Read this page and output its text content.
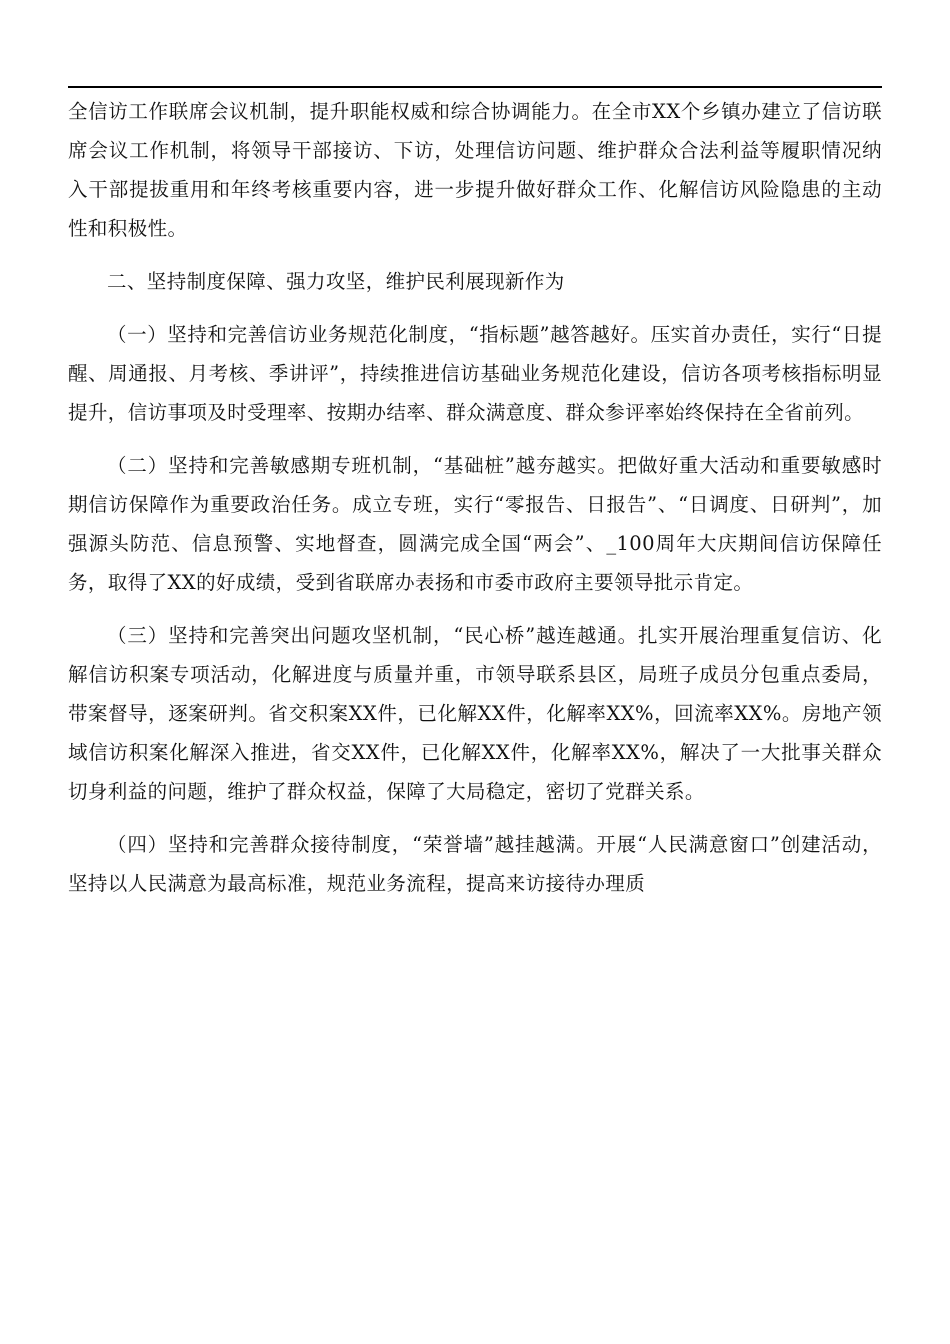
全信访工作联席会议机制，提升职能权威和综合协调能力。在全市XX个乡镇办建立了信访联席会议工作机制，将领导干部接访、下访，处理信访问题、维护群众合法利益等履职情况纳入干部提拔重用和年终考核重要内容，进一步提升做好群众工作、化解信访风险隐患的主动性和积极性。

二、坚持制度保障、强力攻坚，维护民利展现新作为

（一）坚持和完善信访业务规范化制度，“指标题”越答越好。压实首办责任，实行“日提醒、周通报、月考核、季讲评”，持续推进信访基础业务规范化建设，信访各项考核指标明显提升，信访事项及时受理率、按期办结率、群众满意度、群众参评率始终保持在全省前列。

（二）坚持和完善敏感期专班机制，“基础桩”越夯越实。把做好重大活动和重要敏感时期信访保障作为重要政治任务。成立专班，实行“零报告、日报告”、“日调度、日研判”，加强源头防范、信息预警、实地督查，圆满完成全国“两会”、_100周年大庆期间信访保障任务，取得了XX的好成绩，受到省联席办表扬和市委市政府主要领导批示肯定。

（三）坚持和完善突出问题攻坚机制，“民心桥”越连越通。扎实开展治理重复信访、化解信访积案专项活动，化解进度与质量并重，市领导联系县区，局班子成员分包重点委局，带案督导，逐案研判。省交积案XX件，已化解XX件，化解率XX%，回流率XX%。房地产领域信访积案化解深入推进，省交XX件，已化解XX件，化解率XX%，解决了一大批事关群众切身利益的问题，维护了群众权益，保障了大局稳定，密切了党群关系。

（四）坚持和完善群众接待制度，“荣誉墙”越挂越满。开展“人民满意窗口”创建活动，坚持以人民满意为最高标准，规范业务流程，提高来访接待办理质
